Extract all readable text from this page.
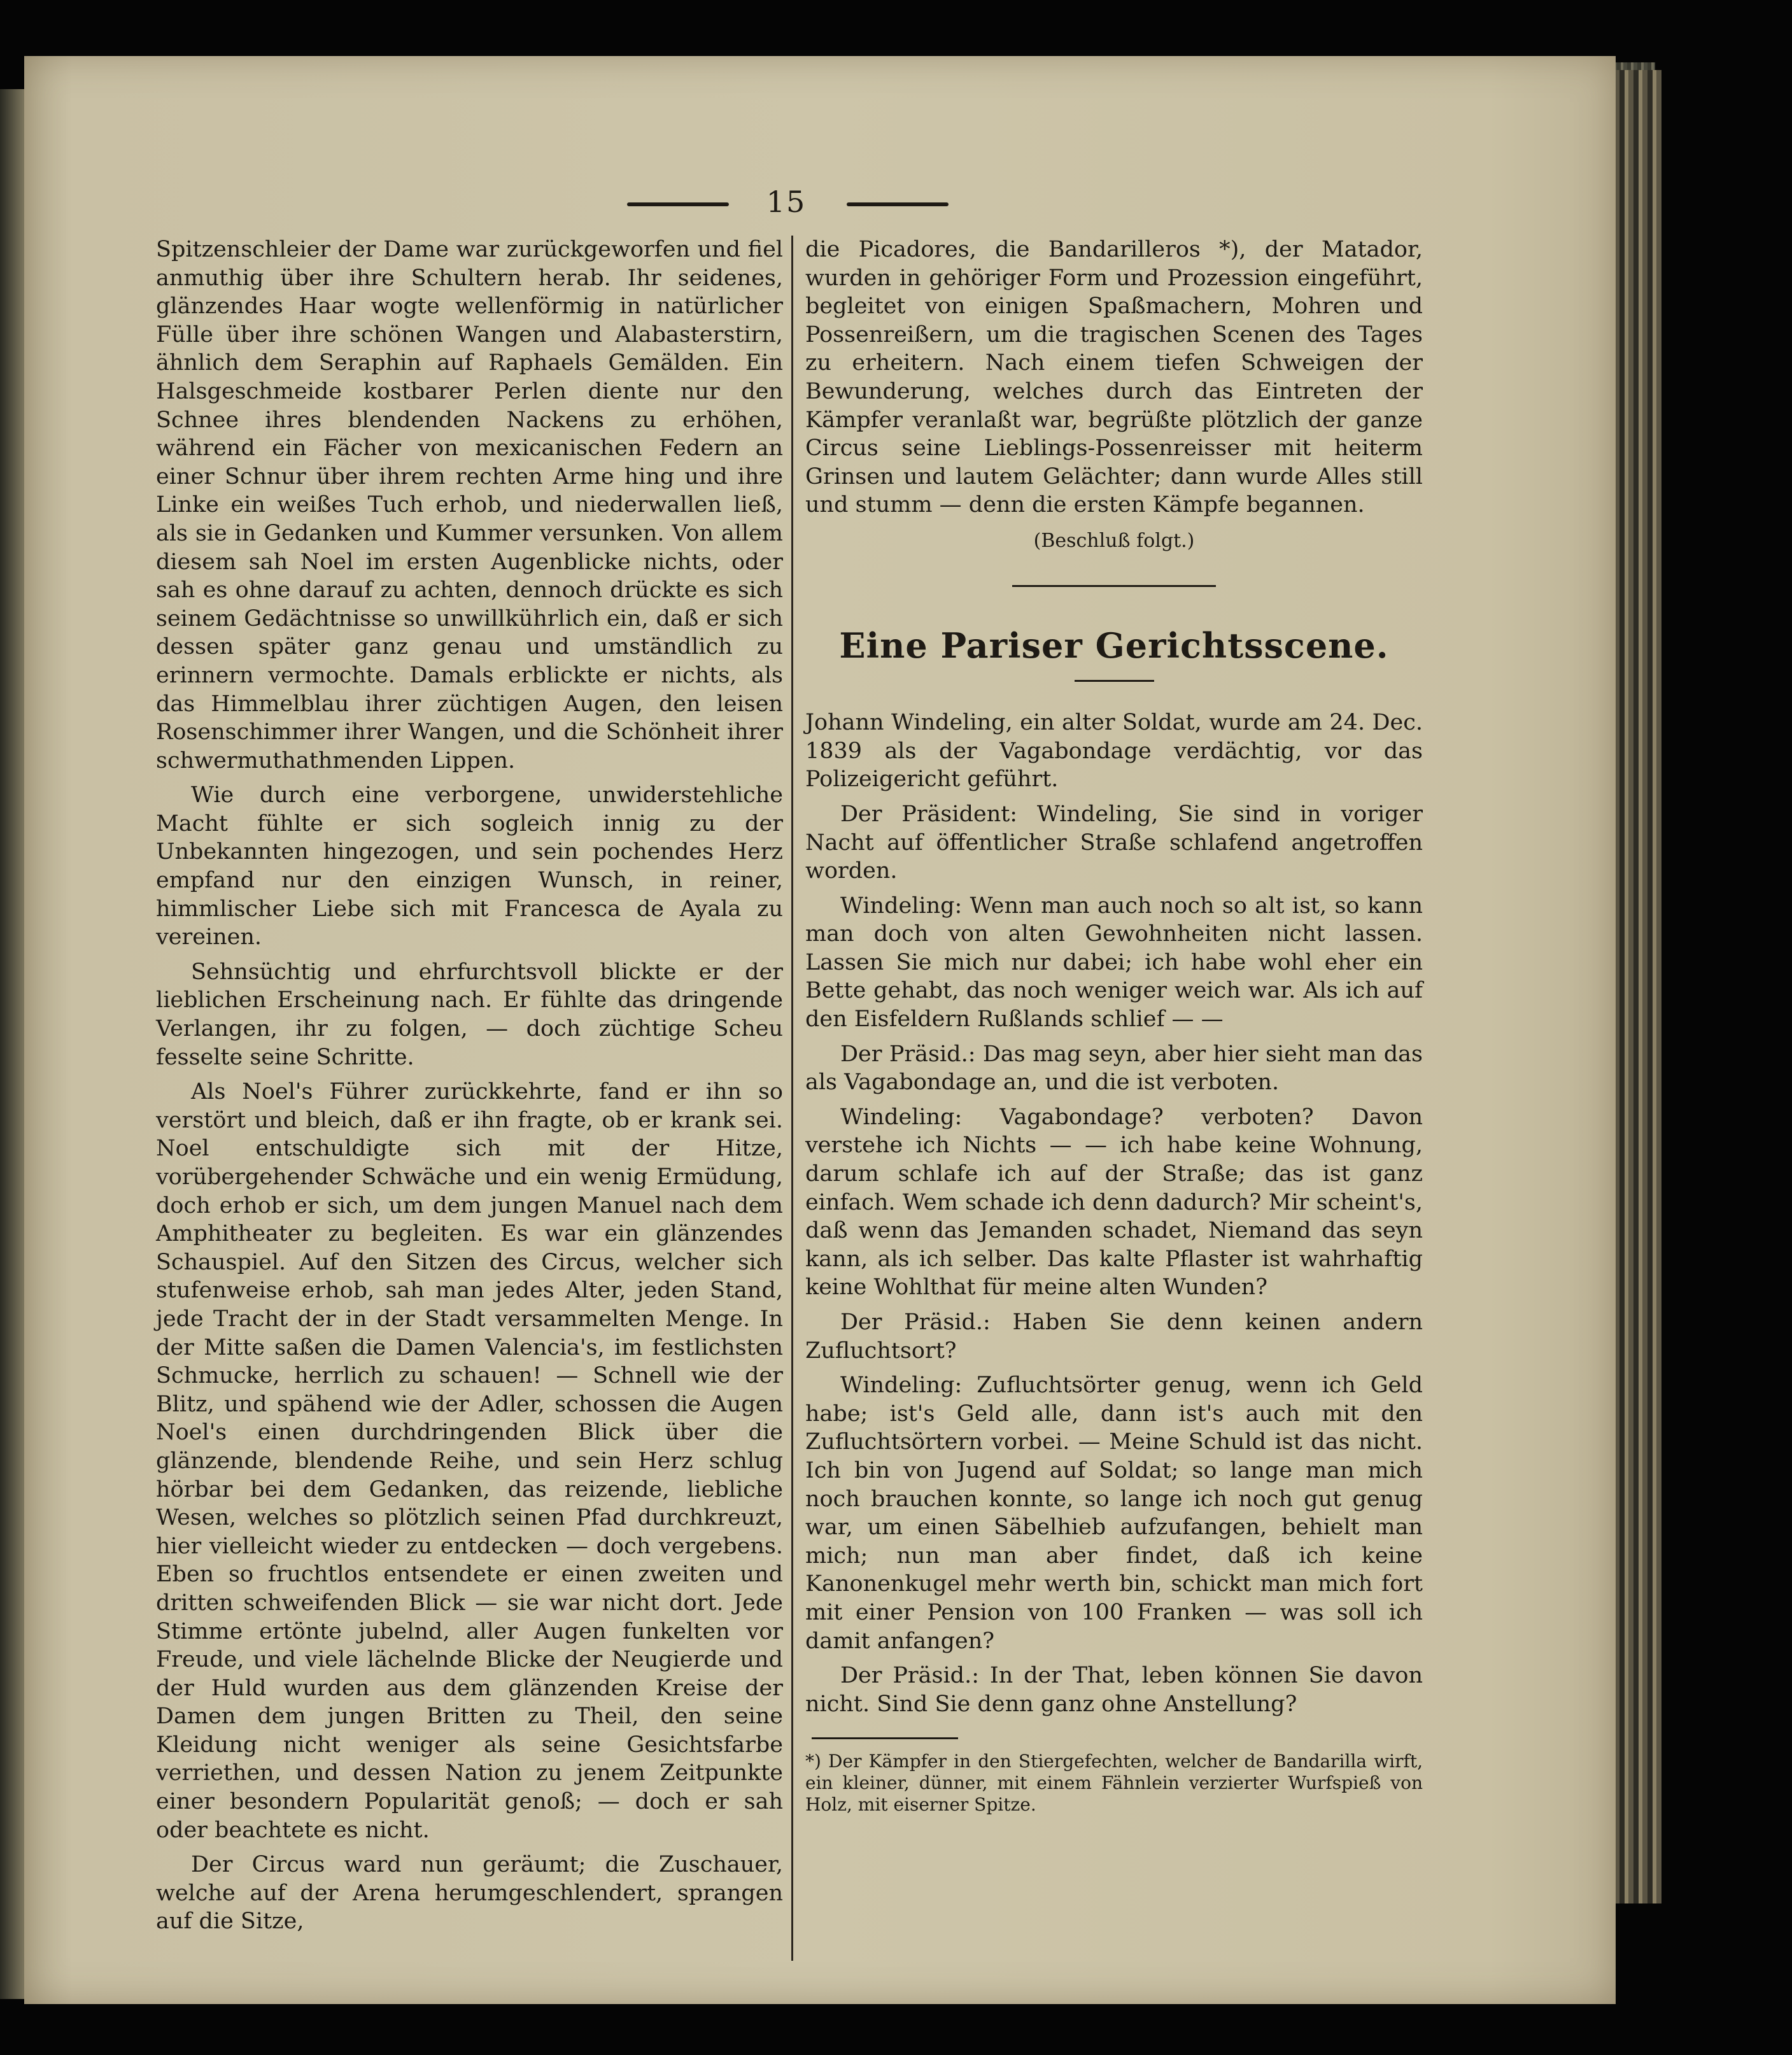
15

Spitzenschleier der Dame war zurückgeworfen und fiel anmuthig über ihre Schultern herab. Ihr seidenes, glänzendes Haar wogte wellenförmig in natürlicher Fülle über ihre schönen Wangen und Alabasterstirn, ähnlich dem Seraphin auf Raphaels Gemälden. Ein Halsgeschmeide kostbarer Perlen diente nur den Schnee ihres blendenden Nackens zu erhöhen, während ein Fächer von mexicanischen Federn an einer Schnur über ihrem rechten Arme hing und ihre Linke ein weißes Tuch erhob, und niederwallen ließ, als sie in Gedanken und Kummer versunken. Von allem diesem sah Noel im ersten Augenblicke nichts, oder sah es ohne darauf zu achten, dennoch drückte es sich seinem Gedächtnisse so unwillkührlich ein, daß er sich dessen später ganz genau und umständlich zu erinnern vermochte. Damals erblickte er nichts, als das Himmelblau ihrer züchtigen Augen, den leisen Rosenschimmer ihrer Wangen, und die Schönheit ihrer schwermuthathmenden Lippen.

Wie durch eine verborgene, unwiderstehliche Macht fühlte er sich sogleich innig zu der Unbekannten hingezogen, und sein pochendes Herz empfand nur den einzigen Wunsch, in reiner, himmlischer Liebe sich mit Francesca de Ayala zu vereinen.

Sehnsüchtig und ehrfurchtsvoll blickte er der lieblichen Erscheinung nach. Er fühlte das dringende Verlangen, ihr zu folgen, — doch züchtige Scheu fesselte seine Schritte.

Als Noel's Führer zurückkehrte, fand er ihn so verstört und bleich, daß er ihn fragte, ob er krank sei. Noel entschuldigte sich mit der Hitze, vorübergehender Schwäche und ein wenig Ermüdung, doch erhob er sich, um dem jungen Manuel nach dem Amphitheater zu begleiten. Es war ein glänzendes Schauspiel. Auf den Sitzen des Circus, welcher sich stufenweise erhob, sah man jedes Alter, jeden Stand, jede Tracht der in der Stadt versammelten Menge. In der Mitte saßen die Damen Valencia's, im festlichsten Schmucke, herrlich zu schauen! — Schnell wie der Blitz, und spähend wie der Adler, schossen die Augen Noel's einen durchdringenden Blick über die glänzende, blendende Reihe, und sein Herz schlug hörbar bei dem Gedanken, das reizende, liebliche Wesen, welches so plötzlich seinen Pfad durchkreuzt, hier vielleicht wieder zu entdecken — doch vergebens. Eben so fruchtlos entsendete er einen zweiten und dritten schweifenden Blick — sie war nicht dort. Jede Stimme ertönte jubelnd, aller Augen funkelten vor Freude, und viele lächelnde Blicke der Neugierde und der Huld wurden aus dem glänzenden Kreise der Damen dem jungen Britten zu Theil, den seine Kleidung nicht weniger als seine Gesichtsfarbe verriethen, und dessen Nation zu jenem Zeitpunkte einer besondern Popularität genoß; — doch er sah oder beachtete es nicht.

Der Circus ward nun geräumt; die Zuschauer, welche auf der Arena herumgeschlendert, sprangen auf die Sitze,

die Picadores, die Bandarilleros *), der Matador, wurden in gehöriger Form und Prozession eingeführt, begleitet von einigen Spaßmachern, Mohren und Possenreißern, um die tragischen Scenen des Tages zu erheitern. Nach einem tiefen Schweigen der Bewunderung, welches durch das Eintreten der Kämpfer veranlaßt war, begrüßte plötzlich der ganze Circus seine Lieblings-Possenreisser mit heiterm Grinsen und lautem Gelächter; dann wurde Alles still und stumm — denn die ersten Kämpfe begannen.

(Beschluß folgt.)

Eine Pariser Gerichtsscene.

Johann Windeling, ein alter Soldat, wurde am 24. Dec. 1839 als der Vagabondage verdächtig, vor das Polizeigericht geführt.

Der Präsident: Windeling, Sie sind in voriger Nacht auf öffentlicher Straße schlafend angetroffen worden.

Windeling: Wenn man auch noch so alt ist, so kann man doch von alten Gewohnheiten nicht lassen. Lassen Sie mich nur dabei; ich habe wohl eher ein Bette gehabt, das noch weniger weich war. Als ich auf den Eisfeldern Rußlands schlief — —

Der Präsid.: Das mag seyn, aber hier sieht man das als Vagabondage an, und die ist verboten.

Windeling: Vagabondage? verboten? Davon verstehe ich Nichts — — ich habe keine Wohnung, darum schlafe ich auf der Straße; das ist ganz einfach. Wem schade ich denn dadurch? Mir scheint's, daß wenn das Jemanden schadet, Niemand das seyn kann, als ich selber. Das kalte Pflaster ist wahrhaftig keine Wohlthat für meine alten Wunden?

Der Präsid.: Haben Sie denn keinen andern Zufluchtsort?

Windeling: Zufluchtsörter genug, wenn ich Geld habe; ist's Geld alle, dann ist's auch mit den Zufluchtsörtern vorbei. — Meine Schuld ist das nicht. Ich bin von Jugend auf Soldat; so lange man mich noch brauchen konnte, so lange ich noch gut genug war, um einen Säbelhieb aufzufangen, behielt man mich; nun man aber findet, daß ich keine Kanonenkugel mehr werth bin, schickt man mich fort mit einer Pension von 100 Franken — was soll ich damit anfangen?

Der Präsid.: In der That, leben können Sie davon nicht. Sind Sie denn ganz ohne Anstellung?

*) Der Kämpfer in den Stiergefechten, welcher de Bandarilla wirft, ein kleiner, dünner, mit einem Fähnlein verzierter Wurfspieß von Holz, mit eiserner Spitze.
